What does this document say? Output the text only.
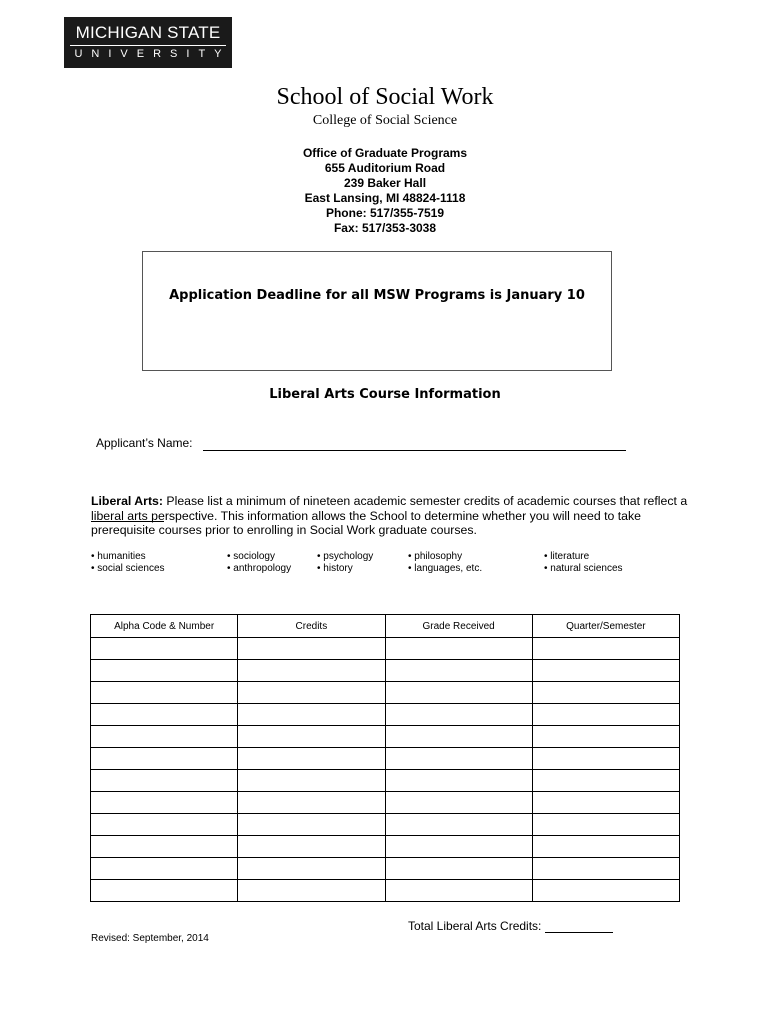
MICHIGAN STATE
UNIVERSITY
School of Social Work
College of Social Science
Office of Graduate Programs
655 Auditorium Road
239 Baker Hall
East Lansing, MI 48824-1118
Phone: 517/355-7519
Fax: 517/353-3038
Application Deadline for all MSW Programs is January 10
Liberal Arts Course Information
Applicant’s Name:
Liberal Arts: Please list a minimum of nineteen academic semester credits of academic courses that reflect a liberal arts perspective. This information allows the School to determine whether you will need to take prerequisite courses prior to enrolling in Social Work graduate courses.
• humanities
• social sciences
• sociology
• anthropology
• psychology
• history
• philosophy
• languages, etc.
• literature
• natural sciences
Alpha Code & Number	Credits	Grade Received	Quarter/Semester

Total Liberal Arts Credits:
Revised: September, 2014
